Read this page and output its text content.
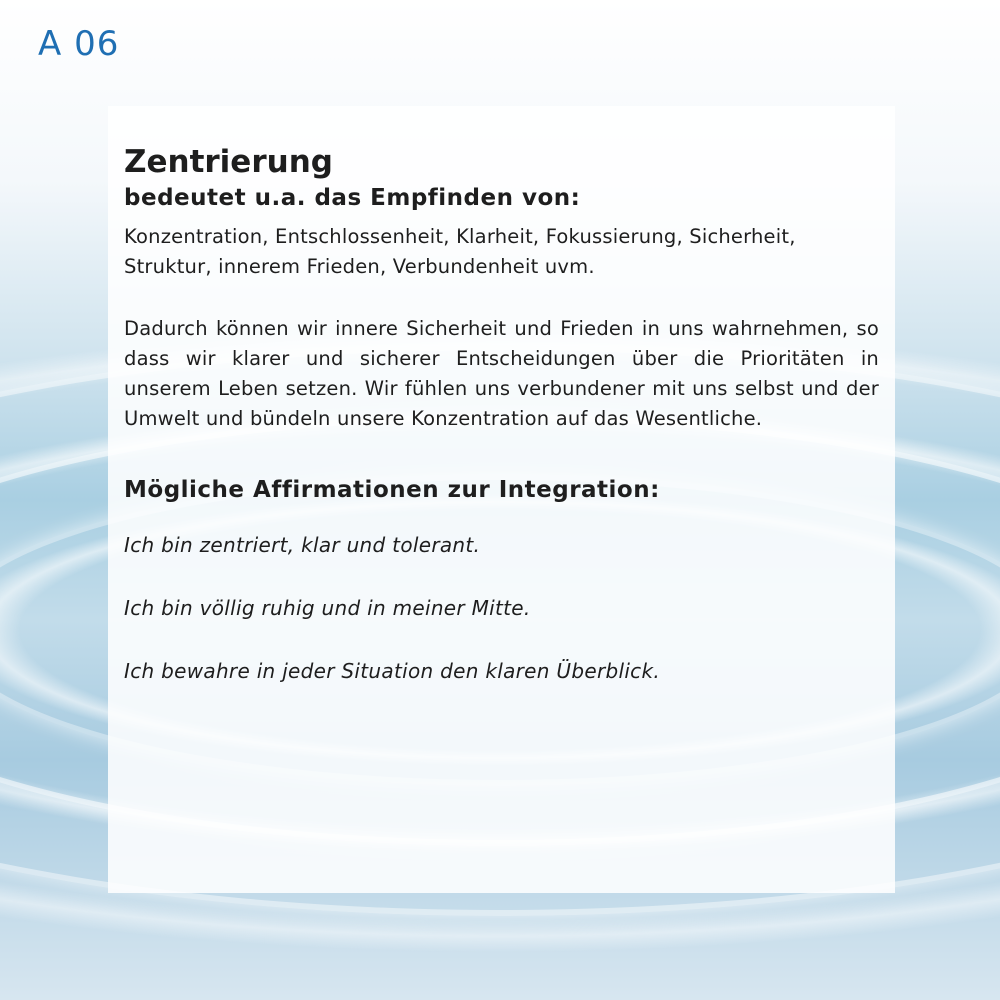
A 06
Zentrierung
bedeutet u.a. das Empfinden von:

Konzentration, Entschlossenheit, Klarheit, Fokussierung, Sicherheit, Struktur, innerem Frieden, Verbundenheit uvm.

Dadurch können wir innere Sicherheit und Frieden in uns wahrnehmen, so dass wir klarer und sicherer Entscheidungen über die Prioritäten in unserem Leben setzen. Wir fühlen uns verbundener mit uns selbst und der Umwelt und bündeln unsere Konzentration auf das Wesentliche.

Mögliche Affirmationen zur Integration:
Ich bin zentriert, klar und tolerant.
Ich bin völlig ruhig und in meiner Mitte.
Ich bewahre in jeder Situation den klaren Überblick.
